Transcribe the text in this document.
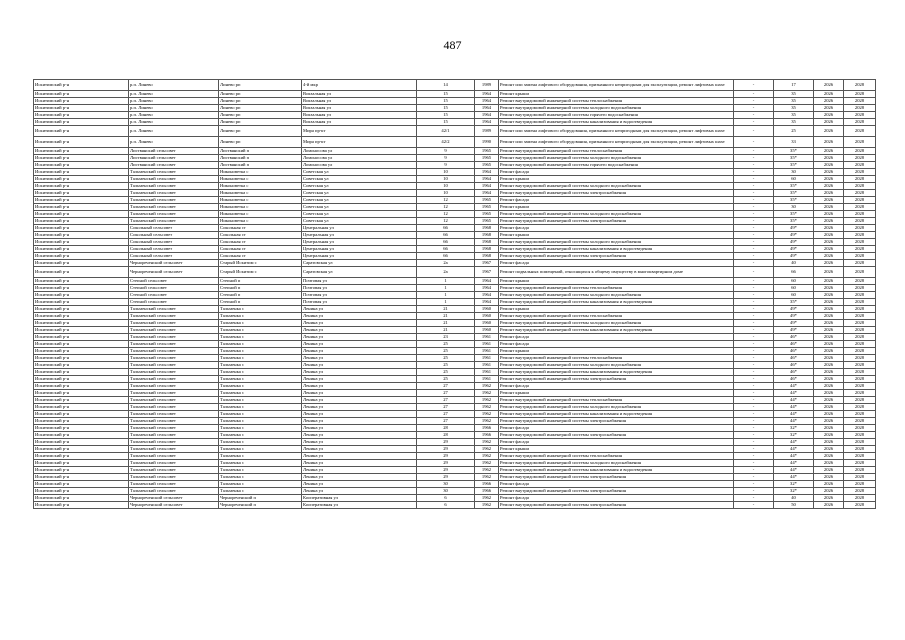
487
Искитимский р-н	р.п. Линево	Линево рп	4-й мкр	14	1989	Ремонт или замена лифтового оборудования, признанного непригодным для эксплуатации, ремонт лифтовых шахт	-	17	2026	2028
Искитимский р-н	р.п. Линево	Линево рп	Вокзальная ул	15	1964	Ремонт крыши	-	35	2026	2028
Искитимский р-н	р.п. Линево	Линево рп	Вокзальная ул	15	1964	Ремонт внутридомовой инженерной системы теплоснабжения	-	35	2026	2028
Искитимский р-н	р.п. Линево	Линево рп	Вокзальная ул	15	1964	Ремонт внутридомовой инженерной системы холодного водоснабжения	-	35	2026	2028
Искитимский р-н	р.п. Линево	Линево рп	Вокзальная ул	15	1964	Ремонт внутридомовой инженерной системы горячего водоснабжения	-	35	2026	2028
Искитимский р-н	р.п. Линево	Линево рп	Вокзальная ул	15	1964	Ремонт внутридомовой инженерной системы канализования и водоотведения	-	35	2026	2028
Искитимский р-н	р.п. Линево	Линево рп	Мира пр-кт	42/1	1989	Ремонт или замена лифтового оборудования, признанного непригодным для эксплуатации, ремонт лифтовых шахт	-	25	2026	2028
Искитимский р-н	р.п. Линево	Линево рп	Мира пр-кт	42/2	1990	Ремонт или замена лифтового оборудования, признанного непригодным для эксплуатации, ремонт лифтовых шахт	-	33	2026	2028
Искитимский р-н	Листвянский сельсовет	Листвянский п	Ломоносова ул	9	1965	Ремонт внутридомовой инженерной системы теплоснабжения	-	35*	2026	2028
Искитимский р-н	Листвянский сельсовет	Листвянский п	Ломоносова ул	9	1965	Ремонт внутридомовой инженерной системы холодного водоснабжения	-	35*	2026	2028
Искитимский р-н	Листвянский сельсовет	Листвянский п	Ломоносова ул	9	1965	Ремонт внутридомовой инженерной системы горячего водоснабжения	-	35*	2026	2028
Искитимский р-н	Тальменский сельсовет	Никоноветка с	Советская ул	10	1964	Ремонт фасада	-	30	2026	2028
Искитимский р-н	Тальменский сельсовет	Никоноветка с	Советская ул	10	1964	Ремонт крыши	-	60	2026	2028
Искитимский р-н	Тальменский сельсовет	Никоноветка с	Советская ул	10	1964	Ремонт внутридомовой инженерной системы холодного водоснабжения	-	35*	2026	2028
Искитимский р-н	Тальменский сельсовет	Никоноветка с	Советская ул	10	1964	Ремонт внутридомовой инженерной системы электроснабжения	-	35*	2026	2028
Искитимский р-н	Тальменский сельсовет	Никоноветка с	Советская ул	12	1965	Ремонт фасада	-	35*	2026	2028
Искитимский р-н	Тальменский сельсовет	Никоноветка с	Советская ул	12	1965	Ремонт крыши	-	30	2026	2028
Искитимский р-н	Тальменский сельсовет	Никоноветка с	Советская ул	12	1965	Ремонт внутридомовой инженерной системы холодного водоснабжения	-	35*	2026	2028
Искитимский р-н	Тальменский сельсовет	Никоноветка с	Советская ул	12	1965	Ремонт внутридомовой инженерной системы электроснабжения	-	35*	2026	2028
Искитимский р-н	Сокольный сельсовет	Сокольная ст	Центральная ул	66	1968	Ремонт фасада	-	49*	2026	2028
Искитимский р-н	Сокольный сельсовет	Сокольная ст	Центральная ул	66	1968	Ремонт крыши	-	49*	2026	2028
Искитимский р-н	Сокольный сельсовет	Сокольная ст	Центральная ул	66	1968	Ремонт внутридомовой инженерной системы холодного водоснабжения	-	49*	2026	2028
Искитимский р-н	Сокольный сельсовет	Сокольная ст	Центральная ул	66	1968	Ремонт внутридомовой инженерной системы канализования и водоотведения	-	49*	2026	2028
Искитимский р-н	Сокольный сельсовет	Сокольная ст	Центральная ул	66	1968	Ремонт внутридомовой инженерной системы электроснабжения	-	49*	2026	2028
Искитимский р-н	Чернореченский сельсовет	Старый Искитим с	Саратовская ул	2а	1967	Ремонт фасада	-	40	2026	2028
Искитимский р-н	Чернореченский сельсовет	Старый Искитим с	Саратовская ул	2а	1967	Ремонт подвальных помещений, относящихся к общему имуществу в многоквартирном доме	-	66	2026	2028
Искитимский р-н	Степной сельсовет	Степной п	Почтовая ул	1	1964	Ремонт крыши	-	60	2026	2028
Искитимский р-н	Степной сельсовет	Степной п	Почтовая ул	1	1964	Ремонт внутридомовой инженерной системы теплоснабжения	-	60	2026	2028
Искитимский р-н	Степной сельсовет	Степной п	Почтовая ул	1	1964	Ремонт внутридомовой инженерной системы холодного водоснабжения	-	60	2026	2028
Искитимский р-н	Степной сельсовет	Степной п	Почтовая ул	1	1964	Ремонт внутридомовой инженерной системы канализования и водоотведения	-	35*	2026	2028
Искитимский р-н	Тальменский сельсовет	Тальменка с	Ленина ул	21	1960	Ремонт крыши	-	49*	2026	2028
Искитимский р-н	Тальменский сельсовет	Тальменка с	Ленина ул	21	1960	Ремонт внутридомовой инженерной системы теплоснабжения	-	49*	2026	2028
Искитимский р-н	Тальменский сельсовет	Тальменка с	Ленина ул	21	1960	Ремонт внутридомовой инженерной системы холодного водоснабжения	-	49*	2026	2028
Искитимский р-н	Тальменский сельсовет	Тальменка с	Ленина ул	21	1960	Ремонт внутридомовой инженерной системы канализования и водоотведения	-	49*	2026	2028
Искитимский р-н	Тальменский сельсовет	Тальменка с	Ленина ул	23	1961	Ремонт фасада	-	46*	2026	2028
Искитимский р-н	Тальменский сельсовет	Тальменка с	Ленина ул	25	1961	Ремонт фасада	-	46*	2026	2028
Искитимский р-н	Тальменский сельсовет	Тальменка с	Ленина ул	25	1961	Ремонт крыши	-	46*	2026	2028
Искитимский р-н	Тальменский сельсовет	Тальменка с	Ленина ул	25	1961	Ремонт внутридомовой инженерной системы теплоснабжения	-	46*	2026	2028
Искитимский р-н	Тальменский сельсовет	Тальменка с	Ленина ул	25	1961	Ремонт внутридомовой инженерной системы холодного водоснабжения	-	46*	2026	2028
Искитимский р-н	Тальменский сельсовет	Тальменка с	Ленина ул	25	1961	Ремонт внутридомовой инженерной системы канализования и водоотведения	-	46*	2026	2028
Искитимский р-н	Тальменский сельсовет	Тальменка с	Ленина ул	25	1961	Ремонт внутридомовой инженерной системы электроснабжения	-	46*	2026	2028
Искитимский р-н	Тальменский сельсовет	Тальменка с	Ленина ул	27	1962	Ремонт фасада	-	44*	2026	2028
Искитимский р-н	Тальменский сельсовет	Тальменка с	Ленина ул	27	1962	Ремонт крыши	-	44*	2026	2028
Искитимский р-н	Тальменский сельсовет	Тальменка с	Ленина ул	27	1962	Ремонт внутридомовой инженерной системы теплоснабжения	-	44*	2026	2028
Искитимский р-н	Тальменский сельсовет	Тальменка с	Ленина ул	27	1962	Ремонт внутридомовой инженерной системы холодного водоснабжения	-	44*	2026	2028
Искитимский р-н	Тальменский сельсовет	Тальменка с	Ленина ул	27	1962	Ремонт внутридомовой инженерной системы канализования и водоотведения	-	44*	2026	2028
Искитимский р-н	Тальменский сельсовет	Тальменка с	Ленина ул	27	1962	Ремонт внутридомовой инженерной системы электроснабжения	-	44*	2026	2028
Искитимский р-н	Тальменский сельсовет	Тальменка с	Ленина ул	28	1966	Ремонт фасада	-	32*	2026	2028
Искитимский р-н	Тальменский сельсовет	Тальменка с	Ленина ул	28	1966	Ремонт внутридомовой инженерной системы электроснабжения	-	32*	2026	2028
Искитимский р-н	Тальменский сельсовет	Тальменка с	Ленина ул	29	1962	Ремонт фасада	-	44*	2026	2028
Искитимский р-н	Тальменский сельсовет	Тальменка с	Ленина ул	29	1962	Ремонт крыши	-	44*	2026	2028
Искитимский р-н	Тальменский сельсовет	Тальменка с	Ленина ул	29	1962	Ремонт внутридомовой инженерной системы теплоснабжения	-	44*	2026	2028
Искитимский р-н	Тальменский сельсовет	Тальменка с	Ленина ул	29	1962	Ремонт внутридомовой инженерной системы холодного водоснабжения	-	44*	2026	2028
Искитимский р-н	Тальменский сельсовет	Тальменка с	Ленина ул	29	1962	Ремонт внутридомовой инженерной системы канализования и водоотведения	-	44*	2026	2028
Искитимский р-н	Тальменский сельсовет	Тальменка с	Ленина ул	29	1962	Ремонт внутридомовой инженерной системы электроснабжения	-	44*	2026	2028
Искитимский р-н	Тальменский сельсовет	Тальменка с	Ленина ул	30	1966	Ремонт фасада	-	32*	2026	2028
Искитимский р-н	Тальменский сельсовет	Тальменка с	Ленина ул	30	1966	Ремонт внутридомовой инженерной системы электроснабжения	-	32*	2026	2028
Искитимский р-н	Чернореченский сельсовет	Чернореченский п	Кооперативная ул	6	1962	Ремонт фасада	-	40	2026	2028
Искитимский р-н	Чернореченский сельсовет	Чернореченский п	Кооперативная ул	6	1962	Ремонт внутридомовой инженерной системы электроснабжения	-	50	2026	2028
